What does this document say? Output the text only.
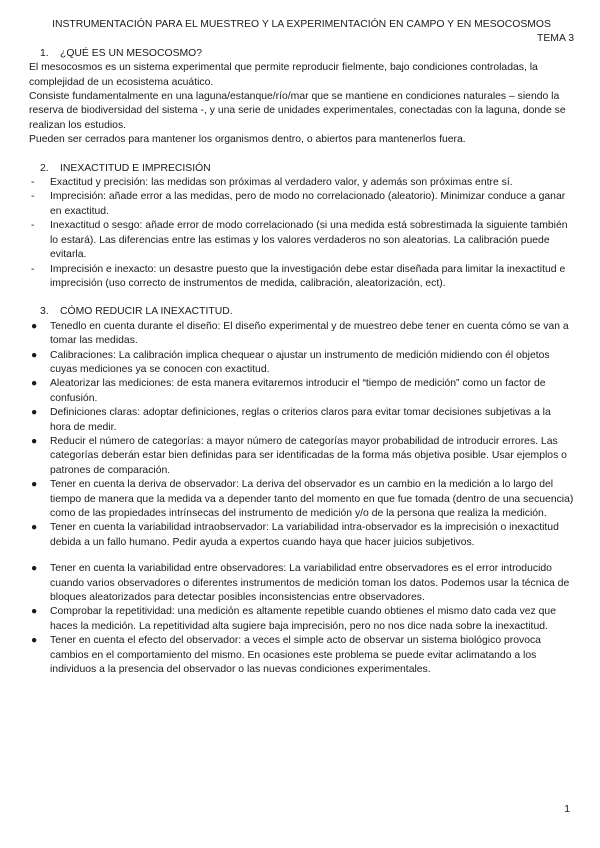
INSTRUMENTACIÓN PARA EL MUESTREO Y LA EXPERIMENTACIÓN EN CAMPO Y EN MESOCOSMOS

TEMA 3

1. ¿QUÉ ES UN MESOCOSMO?

El mesocosmos es un sistema experimental que permite reproducir fielmente, bajo condiciones controladas, la complejidad de un ecosistema acuático.

Consiste fundamentalmente en una laguna/estanque/río/mar que se mantiene en condiciones naturales – siendo la reserva de biodiversidad del sistema -, y una serie de unidades experimentales, conectadas con la laguna, donde se realizan los estudios.

Pueden ser cerrados para mantener los organismos dentro, o abiertos para mantenerlos fuera.

2. INEXACTITUD E IMPRECISIÓN
- Exactitud y precisión: las medidas son próximas al verdadero valor, y además son próximas entre sí.
- Imprecisión: añade error a las medidas, pero de modo no correlacionado (aleatorio). Minimizar conduce a ganar en exactitud.
- Inexactitud o sesgo: añade error de modo correlacionado (si una medida está sobrestimada la siguiente también lo estará). Las diferencias entre las estimas y los valores verdaderos no son aleatorias. La calibración puede evitarla.
- Imprecisión e inexacto: un desastre puesto que la investigación debe estar diseñada para limitar la inexactitud e imprecisión (uso correcto de instrumentos de medida, calibración, aleatorización, ect).
3. CÓMO REDUCIR LA INEXACTITUD.
● Tenedlo en cuenta durante el diseño: El diseño experimental y de muestreo debe tener en cuenta cómo se van a tomar las medidas.
● Calibraciones: La calibración implica chequear o ajustar un instrumento de medición midiendo con él objetos cuyas mediciones ya se conocen con exactitud.
● Aleatorizar las mediciones: de esta manera evitaremos introducir el “tiempo de medición” como un factor de confusión.
● Definiciones claras: adoptar definiciones, reglas o criterios claros para evitar tomar decisiones subjetivas a la hora de medir.
● Reducir el número de categorías: a mayor número de categorías mayor probabilidad de introducir errores. Las categorías deberán estar bien definidas para ser identificadas de la forma más objetiva posible. Usar ejemplos o patrones de comparación.
● Tener en cuenta la deriva de observador: La deriva del observador es un cambio en la medición a lo largo del tiempo de manera que la medida va a depender tanto del momento en que fue tomada (dentro de una secuencia) como de las propiedades intrínsecas del instrumento de medición y/o de la persona que realiza la medición.
● Tener en cuenta la variabilidad intraobservador: La variabilidad intra-observador es la imprecisión o inexactitud debida a un fallo humano. Pedir ayuda a expertos cuando haya que hacer juicios subjetivos.
● Tener en cuenta la variabilidad entre observadores: La variabilidad entre observadores es el error introducido cuando varios observadores o diferentes instrumentos de medición toman los datos. Podemos usar la técnica de bloques aleatorizados para detectar posibles inconsistencias entre observadores.
● Comprobar la repetitividad: una medición es altamente repetible cuando obtienes el mismo dato cada vez que haces la medición. La repetitividad alta sugiere baja imprecisión, pero no nos dice nada sobre la inexactitud.
● Tener en cuenta el efecto del observador: a veces el simple acto de observar un sistema biológico provoca cambios en el comportamiento del mismo. En ocasiones este problema se puede evitar aclimatando a los individuos a la presencia del observador o las nuevas condiciones experimentales.
1
